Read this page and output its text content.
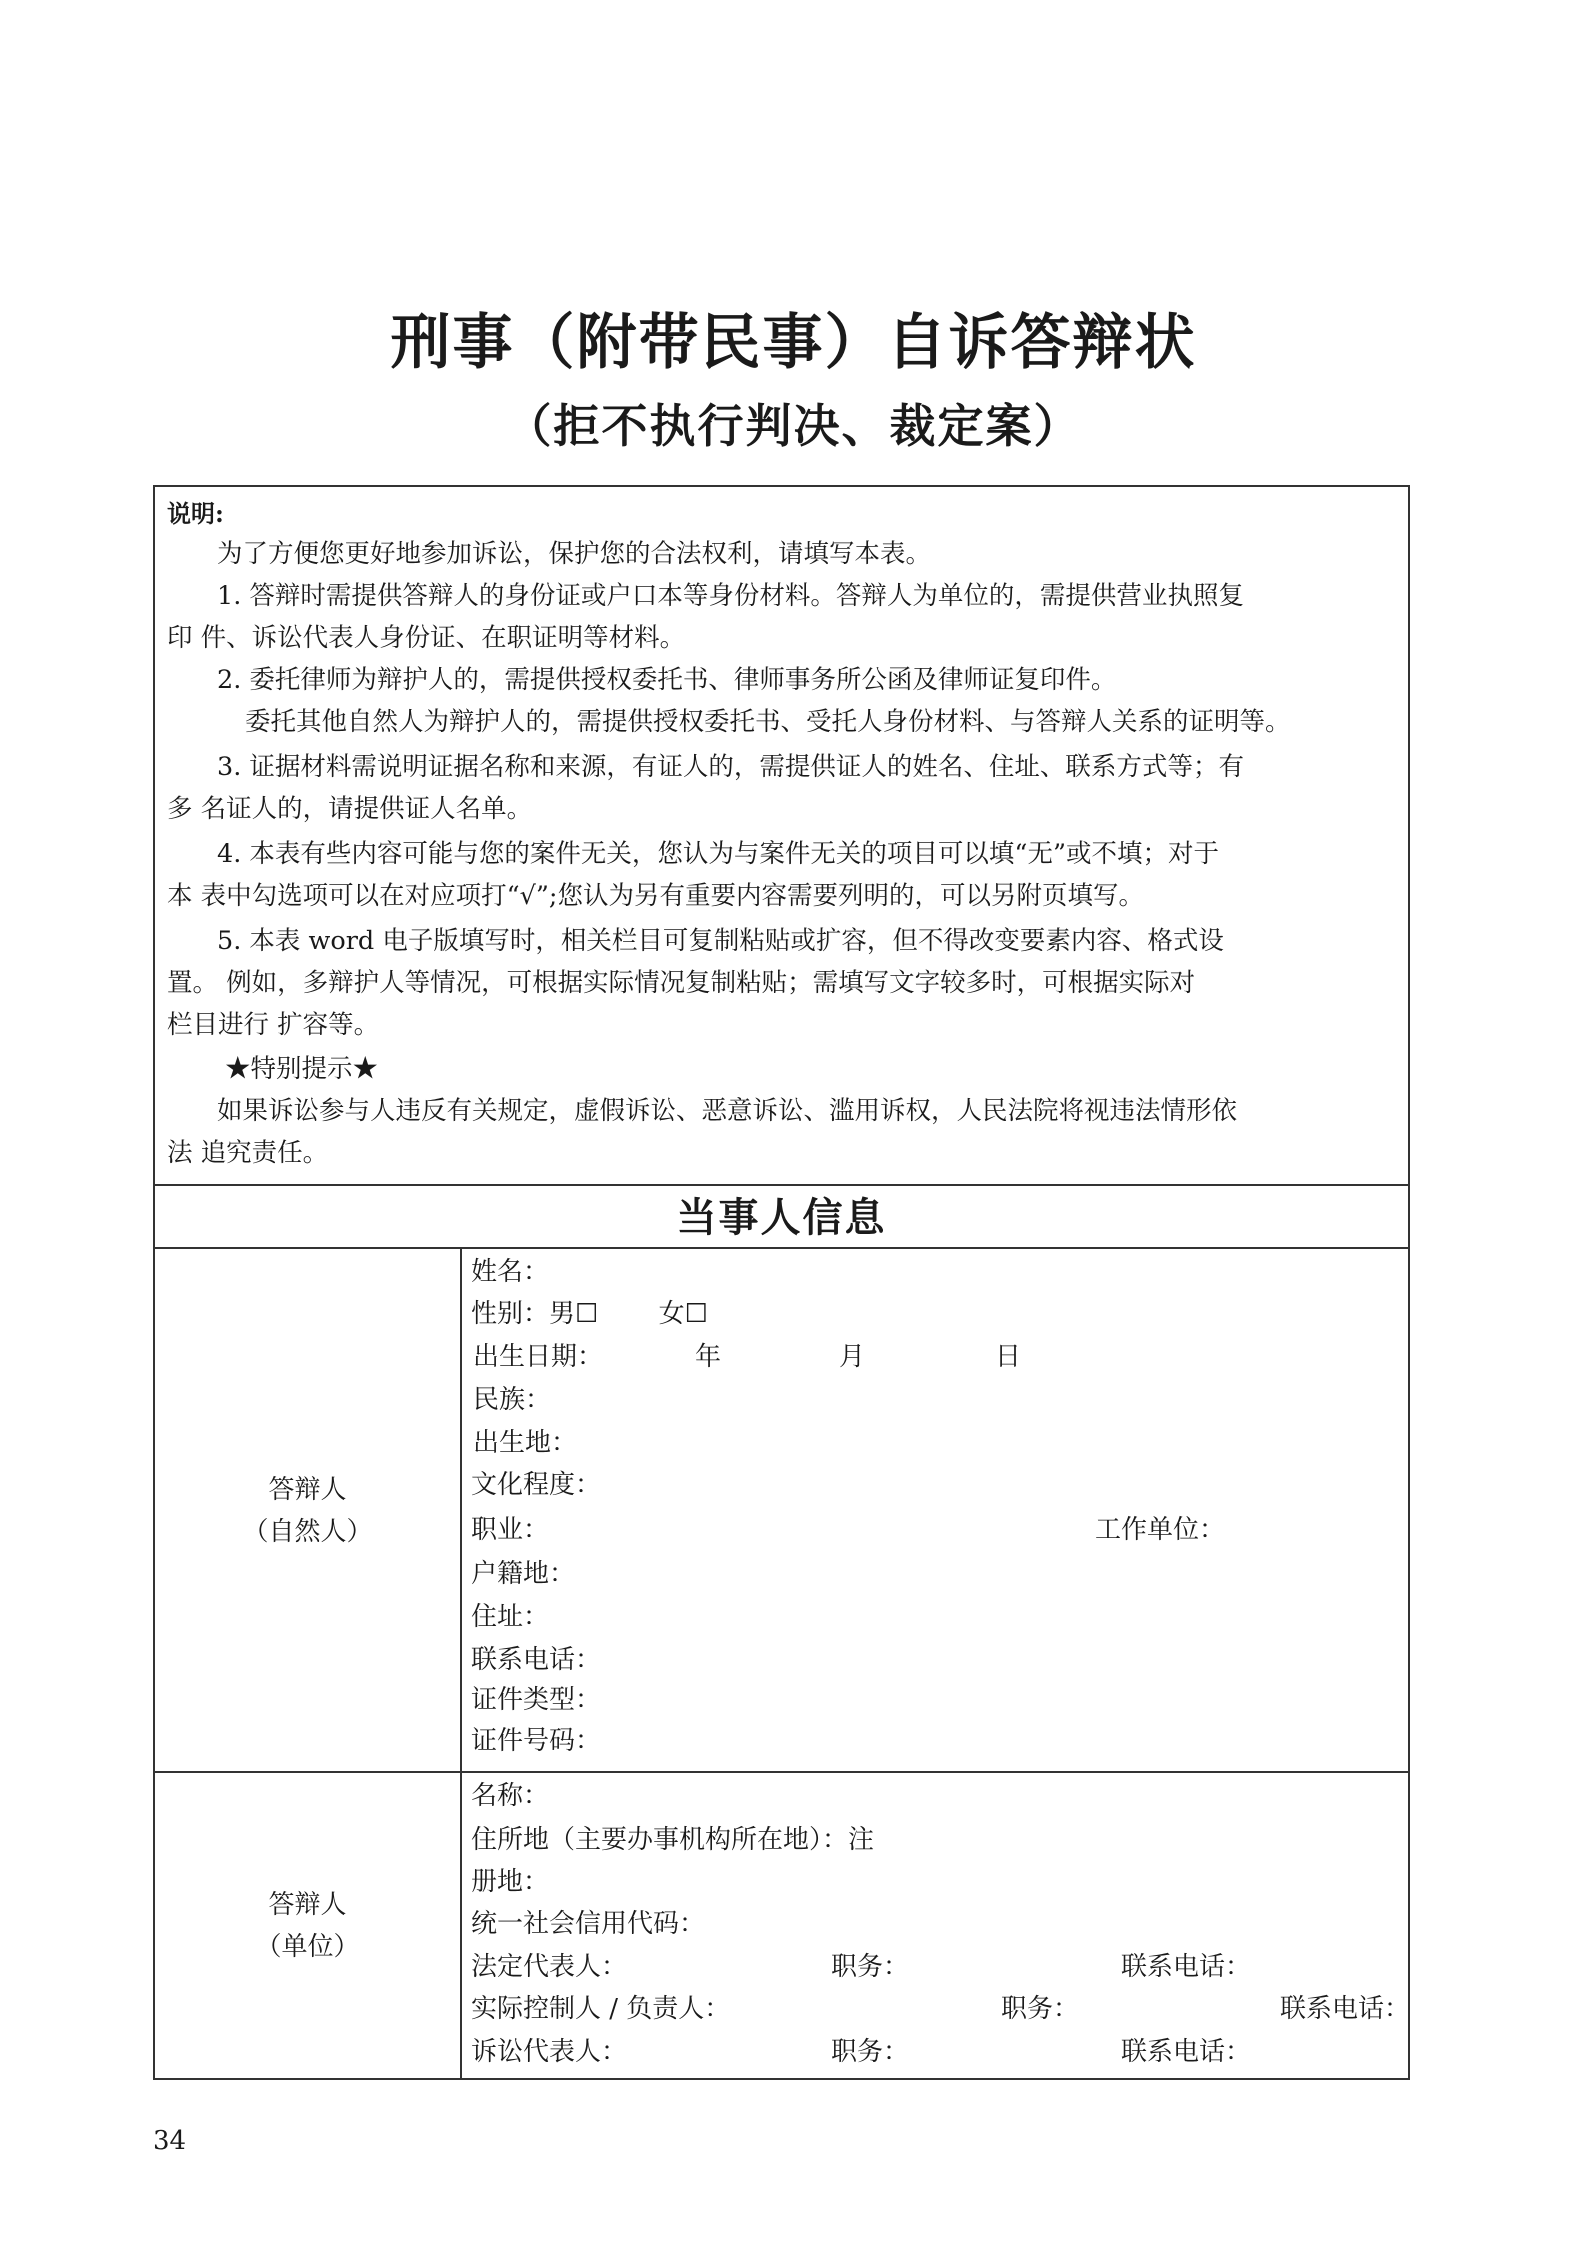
刑事（附带民事）自诉答辩状
（拒不执行判决、裁定案）
说明:
为了方便您更好地参加诉讼，保护您的合法权利，请填写本表。
1. 答辩时需提供答辩人的身份证或户口本等身份材料。答辩人为单位的，需提供营业执照复
印 件、诉讼代表人身份证、在职证明等材料。
2. 委托律师为辩护人的，需提供授权委托书、律师事务所公函及律师证复印件。
委托其他自然人为辩护人的，需提供授权委托书、受托人身份材料、与答辩人关系的证明等。
3. 证据材料需说明证据名称和来源，有证人的，需提供证人的姓名、住址、联系方式等；有
多 名证人的，请提供证人名单。
4. 本表有些内容可能与您的案件无关，您认为与案件无关的项目可以填“无”或不填；对于
本 表中勾选项可以在对应项打“√”;您认为另有重要内容需要列明的，可以另附页填写。
5. 本表 word 电子版填写时，相关栏目可复制粘贴或扩容，但不得改变要素内容、格式设
置。 例如，多辩护人等情况，可根据实际情况复制粘贴；需填写文字较多时，可根据实际对
栏目进行 扩容等。
★特别提示★
如果诉讼参与人违反有关规定，虚假诉讼、恶意诉讼、滥用诉权，人民法院将视违法情形依
法 追究责任。
当事人信息
答辩人
（自然人）
姓名：
性别：男☐　　 女☐
出生日期：	年	月	日
民族：
出生地：
文化程度：
职业：	工作单位：
户籍地：
住址：
联系电话：
证件类型：
证件号码：
答辩人
（单位）
名称：
住所地（主要办事机构所在地）：注
册地：
统一社会信用代码：
法定代表人：	职务：	联系电话：
实际控制人 / 负责人：	职务：	联系电话：
诉讼代表人：	职务：	联系电话：
34
